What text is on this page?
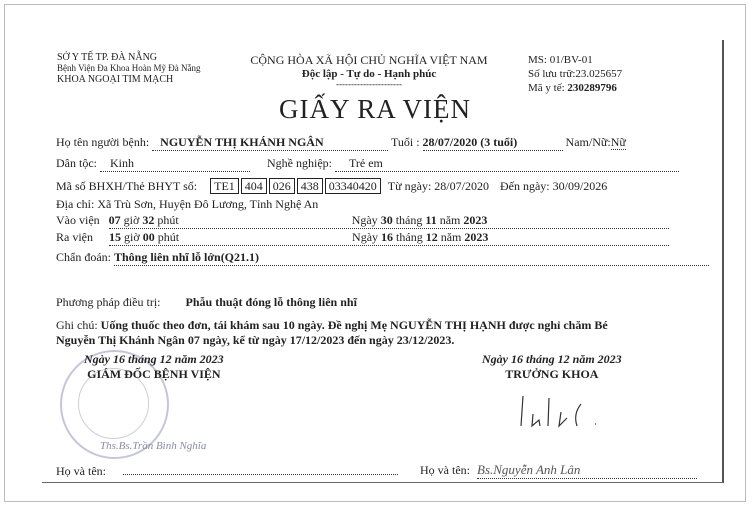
SỞ Y TẾ TP. ĐÀ NẴNG
Bệnh Viện Đa Khoa Hoàn Mỹ Đà Nẵng
KHOA NGOẠI TIM MẠCH
CỘNG HÒA XÃ HỘI CHỦ NGHĨA VIỆT NAM
Độc lập - Tự do - Hạnh phúc
----------------------
MS: 01/BV-01
Số lưu trữ:23.025657
Mã y tế: 230289796
GIẤY RA VIỆN
Họ tên người bệnh: NGUYỄN THỊ KHÁNH NGÂN	Tuổi : 28/07/2020 (3 tuổi)	Nam/Nữ:Nữ
Dân tộc: Kinh	Nghề nghiệp: Trẻ em
Mã số BHXH/Thẻ BHYT số: TE1 404 026 438 03340420 Từ ngày: 28/07/2020 Đến ngày: 30/09/2026
Địa chỉ: Xã Trù Sơn, Huyện Đô Lương, Tỉnh Nghệ An
Vào viện 07 giờ 32 phút	Ngày 30 tháng 11 năm 2023
Ra viện 15 giờ 00 phút	Ngày 16 tháng 12 năm 2023
Chẩn đoán: Thông liên nhĩ lỗ lớn(Q21.1)
Phương pháp điều trị: Phẫu thuật đóng lỗ thông liên nhĩ
Ghi chú: Uống thuốc theo đơn, tái khám sau 10 ngày. Đề nghị Mẹ NGUYỄN THỊ HẠNH được nghỉ chăm Bé
Nguyễn Thị Khánh Ngân 07 ngày, kể từ ngày 17/12/2023 đến ngày 23/12/2023.
Ngày 16 tháng 12 năm 2023
GIÁM ĐỐC BỆNH VIỆN
Ths.Bs.Trần Bình Nghĩa
Họ và tên:
Ngày 16 tháng 12 năm 2023
TRƯỞNG KHOA
Họ và tên: Bs.Nguyễn Anh Lân
